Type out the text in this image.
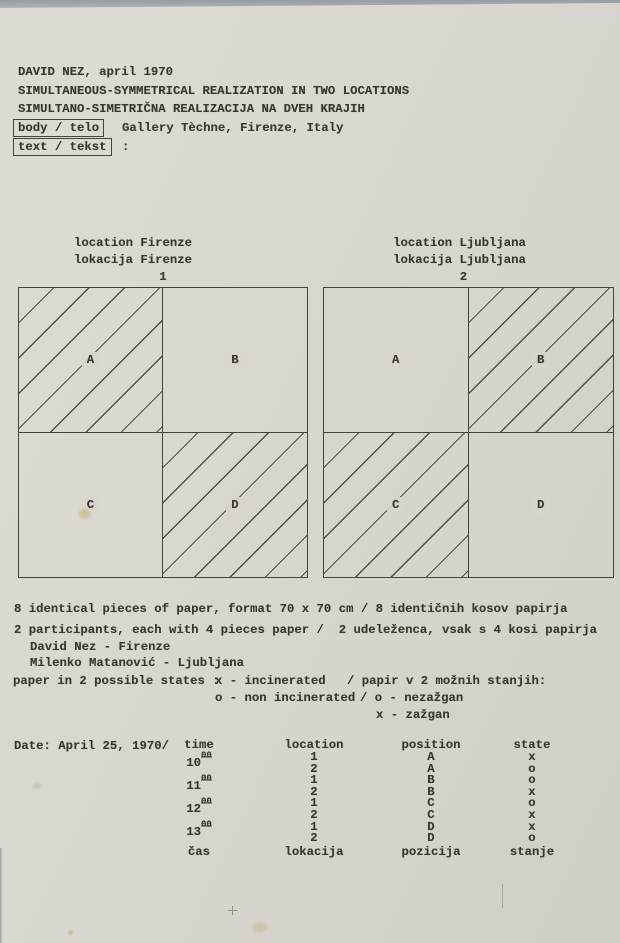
DAVID NEZ, april 1970
SIMULTANEOUS-SYMMETRICAL REALIZATION IN TWO LOCATIONS
SIMULTANO-SIMETRIČNA REALIZACIJA NA DVEH KRAJIH
body / telo	Gallery Tèchne, Firenze, Italy
text / tekst	:
location Firenze
lokacija Firenze
1
location Ljubljana
lokacija Ljubljana
2
A	B
C	D
A	B
C	D
8 identical pieces of paper, format 70 x 70 cm / 8 identičnih kosov papirja
2 participants, each with 4 pieces paper /  2 udeleženca, vsak s 4 kosi papirja
David Nez - Firenze
Milenko Matanović - Ljubljana
paper in 2 possible states :
x - incinerated / papir v 2 možnih stanjih:
o - non incinerated / o - nezažgan
x - zažgan
Date: April 25, 1970/ time	location	position	state
$10^{00}$	1	A	x
	2	A	o
$11^{00}$	1	B	o
	2	B	x
$12^{00}$	1	C	o
	2	C	x
$13^{00}$	1	D	x
	2	D	o
čas	lokacija	pozicija	stanje
